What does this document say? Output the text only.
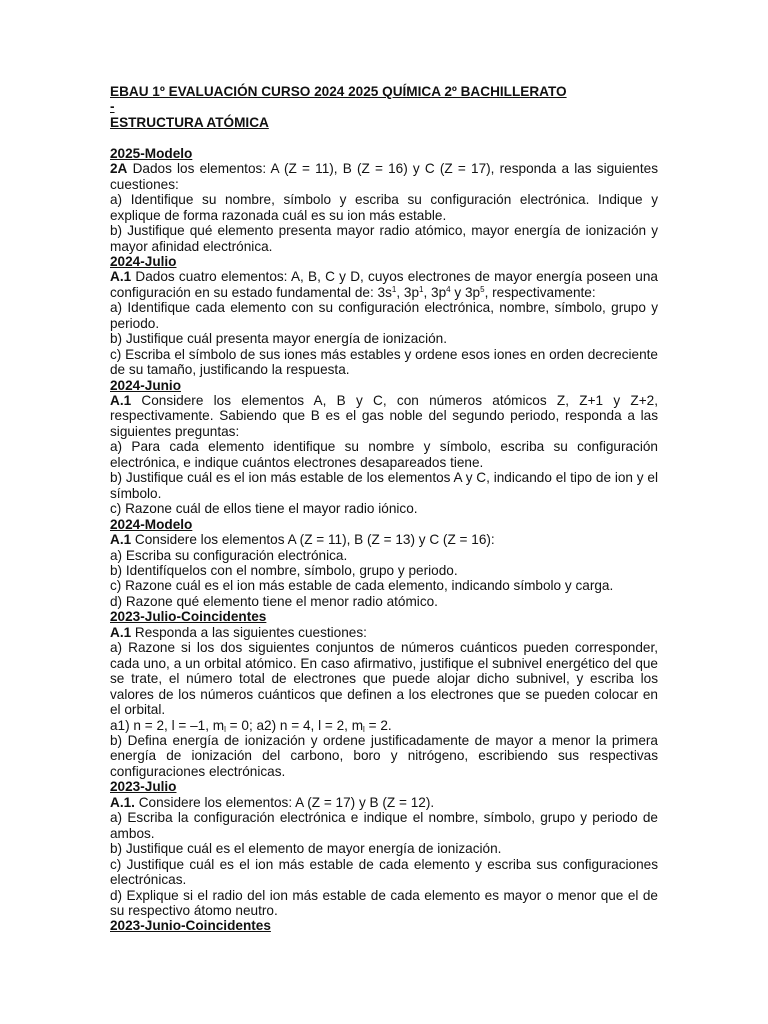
EBAU 1º EVALUACIÓN CURSO 2024 2025 QUÍMICA 2º BACHILLERATO
-
ESTRUCTURA ATÓMICA
2025-Modelo

2A Dados los elementos: A (Z = 11), B (Z = 16) y C (Z = 17), responda a las siguientes cuestiones:

a) Identifique su nombre, símbolo y escriba su configuración electrónica. Indique y explique de forma razonada cuál es su ion más estable.

b) Justifique qué elemento presenta mayor radio atómico, mayor energía de ionización y mayor afinidad electrónica.

2024-Julio

A.1 Dados cuatro elementos: A, B, C y D, cuyos electrones de mayor energía poseen una configuración en su estado fundamental de: $3s^1$, $3p^1$, $3p^4$ y $3p^5$, respectivamente:

a) Identifique cada elemento con su configuración electrónica, nombre, símbolo, grupo y periodo.

b) Justifique cuál presenta mayor energía de ionización.

c) Escriba el símbolo de sus iones más estables y ordene esos iones en orden decreciente de su tamaño, justificando la respuesta.

2024-Junio

A.1 Considere los elementos A, B y C, con números atómicos Z, Z+1 y Z+2, respectivamente. Sabiendo que B es el gas noble del segundo periodo, responda a las siguientes preguntas:

a) Para cada elemento identifique su nombre y símbolo, escriba su configuración electrónica, e indique cuántos electrones desapareados tiene.

b) Justifique cuál es el ion más estable de los elementos A y C, indicando el tipo de ion y el símbolo.

c) Razone cuál de ellos tiene el mayor radio iónico.

2024-Modelo

A.1 Considere los elementos A (Z = 11), B (Z = 13) y C (Z = 16):

a) Escriba su configuración electrónica.

b) Identifíquelos con el nombre, símbolo, grupo y periodo.

c) Razone cuál es el ion más estable de cada elemento, indicando símbolo y carga.

d) Razone qué elemento tiene el menor radio atómico.

2023-Julio-Coincidentes

A.1 Responda a las siguientes cuestiones:

a) Razone si los dos siguientes conjuntos de números cuánticos pueden corresponder, cada uno, a un orbital atómico. En caso afirmativo, justifique el subnivel energético del que se trate, el número total de electrones que puede alojar dicho subnivel, y escriba los valores de los números cuánticos que definen a los electrones que se pueden colocar en el orbital.

a1) n = 2, l = –1, $m_l = 0$; a2) n = 4, l = 2, $m_l = 2$.

b) Defina energía de ionización y ordene justificadamente de mayor a menor la primera energía de ionización del carbono, boro y nitrógeno, escribiendo sus respectivas configuraciones electrónicas.

2023-Julio

A.1. Considere los elementos: A (Z = 17) y B (Z = 12).

a) Escriba la configuración electrónica e indique el nombre, símbolo, grupo y periodo de ambos.

b) Justifique cuál es el elemento de mayor energía de ionización.

c) Justifique cuál es el ion más estable de cada elemento y escriba sus configuraciones electrónicas.

d) Explique si el radio del ion más estable de cada elemento es mayor o menor que el de su respectivo átomo neutro.

2023-Junio-Coincidentes
